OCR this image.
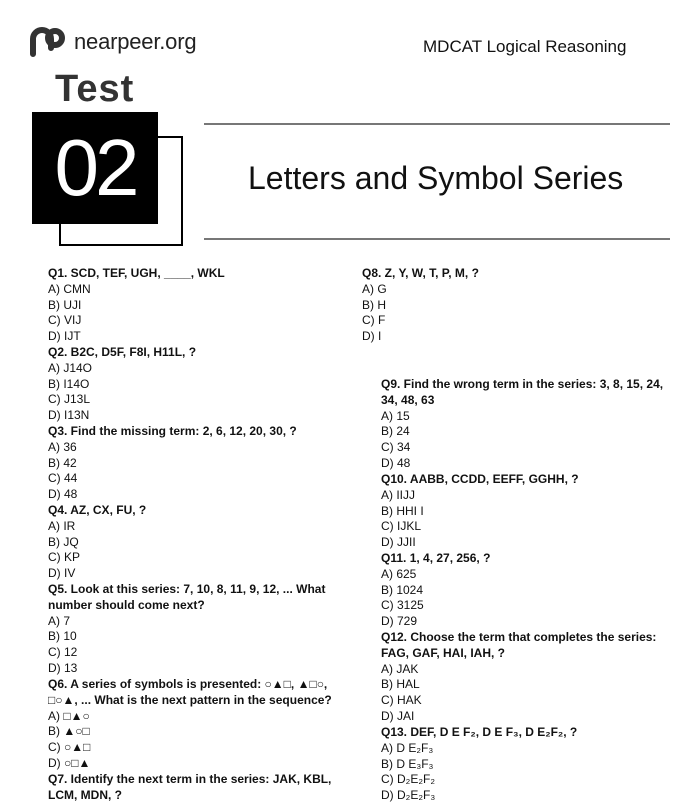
nearpeer.org	MDCAT Logical Reasoning
Test
02	Letters and Symbol Series
Q1. SCD, TEF, UGH, ____, WKL
A) CMN
B) UJI
C) VIJ
D) IJT
Q2. B2C, D5F, F8I, H11L, ?
A) J14O
B) I14O
C) J13L
D) I13N
Q3. Find the missing term: 2, 6, 12, 20, 30, ?
A) 36
B) 42
C) 44
D) 48
Q4. AZ, CX, FU, ?
A) IR
B) JQ
C) KP
D) IV
Q5. Look at this series: 7, 10, 8, 11, 9, 12, ... What number should come next?
A) 7
B) 10
C) 12
D) 13
Q6. A series of symbols is presented: ○▲□, ▲□○, □○▲, ... What is the next pattern in the sequence?
A) □▲○
B) ▲○□
C) ○▲□
D) ○□▲
Q7. Identify the next term in the series: JAK, KBL, LCM, MDN, ?
Q8. Z, Y, W, T, P, M, ?
A) G
B) H
C) F
D) I
Q9. Find the wrong term in the series: 3, 8, 15, 24, 34, 48, 63
A) 15
B) 24
C) 34
D) 48
Q10. AABB, CCDD, EEFF, GGHH, ?
A) IIJJ
B) HHI I
C) IJKL
D) JJII
Q11. 1, 4, 27, 256, ?
A) 625
B) 1024
C) 3125
D) 729
Q12. Choose the term that completes the series: FAG, GAF, HAI, IAH, ?
A) JAK
B) HAL
C) HAK
D) JAI
Q13. DEF, D E F₂, D E F₃, D E₂F₂, ?
A) D E₂F₃
B) D E₃F₃
C) D₂E₂F₂
D) D₂E₂F₃
